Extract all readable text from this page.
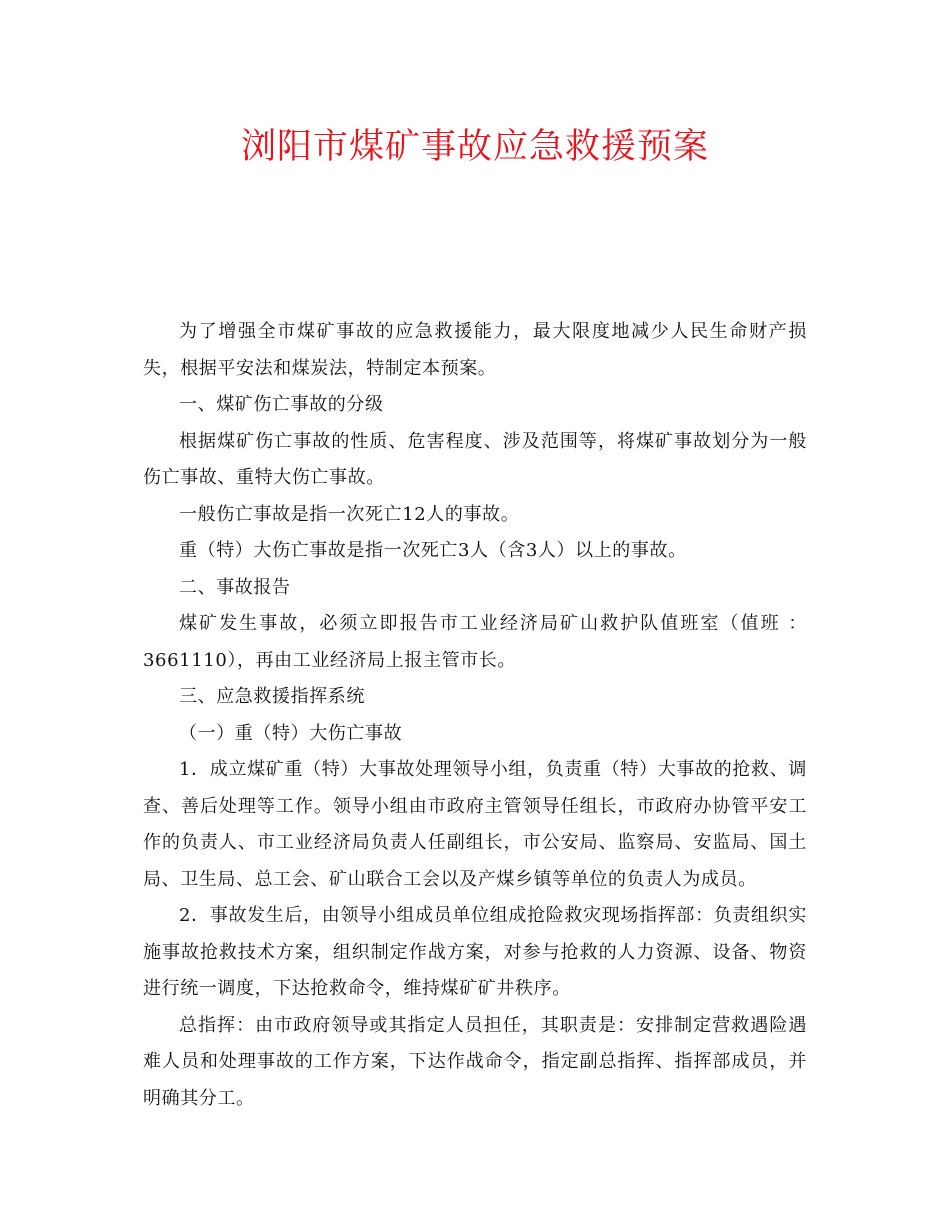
浏阳市煤矿事故应急救援预案

为了增强全市煤矿事故的应急救援能力，最大限度地减少人民生命财产损失，根据平安法和煤炭法，特制定本预案。

一、煤矿伤亡事故的分级

根据煤矿伤亡事故的性质、危害程度、涉及范围等，将煤矿事故划分为一般伤亡事故、重特大伤亡事故。

一般伤亡事故是指一次死亡12人的事故。

重（特）大伤亡事故是指一次死亡3人（含3人）以上的事故。

二、事故报告

煤矿发生事故，必须立即报告市工业经济局矿山救护队值班室（值班 ：3661110），再由工业经济局上报主管市长。

三、应急救援指挥系统

（一）重（特）大伤亡事故

1．成立煤矿重（特）大事故处理领导小组，负责重（特）大事故的抢救、调查、善后处理等工作。领导小组由市政府主管领导任组长，市政府办协管平安工作的负责人、市工业经济局负责人任副组长，市公安局、监察局、安监局、国土局、卫生局、总工会、矿山联合工会以及产煤乡镇等单位的负责人为成员。

2．事故发生后，由领导小组成员单位组成抢险救灾现场指挥部：负责组织实施事故抢救技术方案，组织制定作战方案，对参与抢救的人力资源、设备、物资进行统一调度，下达抢救命令，维持煤矿矿井秩序。

总指挥：由市政府领导或其指定人员担任，其职责是：安排制定营救遇险遇难人员和处理事故的工作方案，下达作战命令，指定副总指挥、指挥部成员，并明确其分工。
